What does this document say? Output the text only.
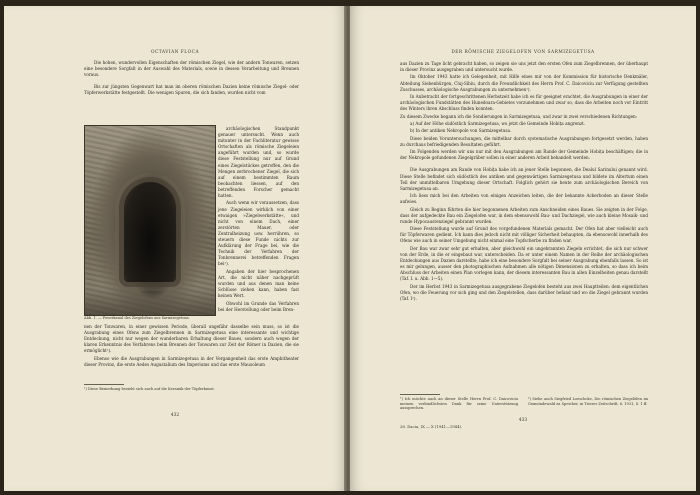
OCTAVIAN FLOCA

Die hohen, wundervollen Eigenschaften der römischen Ziegel, wie der andern Tonwaren, setzen eine besondere Sorgfalt in der Auswahl des Materials, sowie in dessen Verarbeitung und Brennen voraus.

Bis zur jüngsten Gegenwart hat man im oberen römischen Dazien keine römische Ziegel- oder Töpferwerkstätte festgestellt. Die wenigen Spuren, die sich fanden, wurden nicht vom

Abb. 1. — Feuerkanal des Ziegelofens aus Sarmizegetusa.

archäologischen Standpunkt genauer untersucht. Wenn auch mitunter in der Fachliteratur gewisse Ortschaften als römische Ziegeleien angeführt wurden und, so wurde diese Feststellung nur auf Grund eines Ziegelstückes getroffen, den die Mengen zerbrochener Ziegel, die sich auf einem bestimmten Raum beobachten liessen, auf den betreffenden Forscher gemacht hatten.

Auch wenn wir voraussetzen, dass jene Ziegeleien wirklich von einer etwaigen »Ziegelwerkstätte«, und nicht von einem Dach, einer zerstörten Mauer, oder Zentralheizung usw. herrühren, so steuern diese Funde nichts zur Aufklärung der Frage bei, wie die Technik der Verfahren der Tonbrennerei betreffenden Fragen bei¹).

Angaben der hier besprochenen Art, die nicht näher nachgeprüft wurden und aus denen man keine Schlüsse ziehen kann, haben fast keinen Wert.

Obwohl im Grunde das Verfahren bei der Herstellung oder beim Bren-

nen der Tonwaren, in einer gewissen Periode, überall ungefähr dasselbe sein muss, so ist die Ausgrabung eines Ofens zum Ziegelbrennen in Sarmizegetusa eine interessante und wichtige Entdeckung, nicht nur wegen der wunderbaren Erhaltung dieser Baues, sondern auch wegen der klaren Erkenntnis des Verfahrens beim Brennen der Tonwaren zur Zeit der Römer in Dazien, die sie ermöglicht²).

Ebenso wie die Ausgrabungen in Sarmizegetusa in der Vergangenheit das erste Amphitheater dieser Provinz, die erste Aedes Augustalium des Imperiums und das erste Mausoleum

¹) Diese Bemerkung bezieht sich auch auf die Keramik der Töpferkunst.
432
DER RÖMISCHE ZIEGELOFEN VON SARMIZEGETUSA

aus Dazien zu Tage licht gebracht haben, so zeigen sie uns jetzt den ersten Ofen zum Ziegelbrennen, der überhaupt in dieser Provinz ausgegraben und untersucht wurde.

Im Oktober 1943 hatte ich Gelegenheit, mit Hilfe eines mir von der Kommission für historische Denkmäler, Abteilung Siebenbürgen, Cluj-Sibiu, durch die Freundlichkeit des Herrn Prof. C. Daicoviciu zur Verfügung gestellten Zuschusses, archäologische Ausgrabungen zu unternehmen¹).

In Anbetracht der fortgeschrittenen Herbstzeit habe ich es für geeignet erachtet, die Ausgrabungen in einer der archäologischen Fundstätten des Hunedoara-Gebietes vorzunehmen und zwar so, dass die Arbeiten noch vor Eintritt des Winters ihren Abschluss finden konnten.

Zu diesem Zwecke begann ich die Sondierungen in Sarmizegetusa, und zwar in zwei verschiedenen Richtungen:

a) Auf der Höhe südöstlich Sarmizegetusa, wo jetzt die Gemeinde Hobița angrenzt.

b) In der antiken Nekropole von Sarmizegetusa.

Diese beiden Voruntersuchungen, die mittelbar durch systematische Ausgrabungen fortgesetzt werden, haben zu durchaus befriedigenden Resultaten geführt.

Im Folgenden werden wir uns nur mit den Ausgrabungen am Rande der Gemeinde Hobița beschäftigen; die in der Nekropole gefundenen Ziegelgräber sollen in einer anderen Arbeit behandelt werden.

Die Ausgrabungen am Rande von Hobița habe ich an jener Stelle begonnen, die Dealul Sarinului genannt wird. Diese Stelle befindet sich südöstlich des antiken und gegenwärtigen Sarmizegetusa und bildete im Altertum einen Teil der unmittelbaren Umgebung dieser Ortschaft. Folglich gehört sie heute zum archäologischen Bereich von Sarmizegetusa an.

Ich liess mich bei den Arbeiten von einigen Anzeichen leiten, die der bekannte Ackerboden an dieser Stelle aufwies.

Gleich zu Beginn führten die hier begonnenen Arbeiten zum Anschneiden eines Baues. Sie zeigten in der Folge, dass der aufgedeckte Bau ein Ziegelofen war, in dem ebensowohl Bau- und Dachziegel, wie auch kleine Mosaik- und runde Hypocaustenziegel gebrannt wurden.

Diese Feststellung wurde auf Grund des vorgefundenen Materials gemacht. Der Ofen hat aber vielleicht auch für Töpferwaren gedient. Ich kann dies jedoch nicht mit völliger Sicherheit behaupten, da ebensowohl innerhalb des Ofens wie auch in seiner Umgebung nicht einmal eine Topfscherbe zu finden war.

Der Bau war zwar sehr gut erhalten, aber gleichwohl ein ungebrannten Ziegeln errichtet, die sich nur schwer von der Erde, in die er eingebaut war, unterscheiden. Da er unter einem Namen in der Reihe der archäologischen Entdeckungen aus Dazien darstellte, habe ich eine besondere Sorgfalt bei seiner Ausgrabung ebenfalls lassen. So ist es mir gelungen, ausser den photographischen Aufnahmen alle nötigen Dimensionen zu erhalten, so dass ich beim Abschluss der Arbeiten einen Plan vorlegen kann, der diesem interessanten Bau in allen Einzelheiten genau darstellt (Taf. I. u. Abb. 1—5).

Der im Herbst 1943 in Sarmizegetusa ausgegrabene Ziegelofen besteht aus zwei Hauptteilen: dem eigentlichen Ofen, wo die Feuerung vor sich ging und den Ziegelstellen, dass darüber befand und wo die Ziegel gebrannt wurden (Taf. I²).

¹) Ich möchte auch an dieser Stelle Herrn Prof. C. Daicoviciu meinen verbindlichsten Dank für seine Unterstützung aussprechen.
²) Siehe auch Siegfried Loeschcke, Die römischen Ziegelöfen im Gemeindewald zu Speicher, in Trierer Zeitschrift, 6. 1931, S. 1 ff.
28. Dacia, IX — X (1941—1944).
433
